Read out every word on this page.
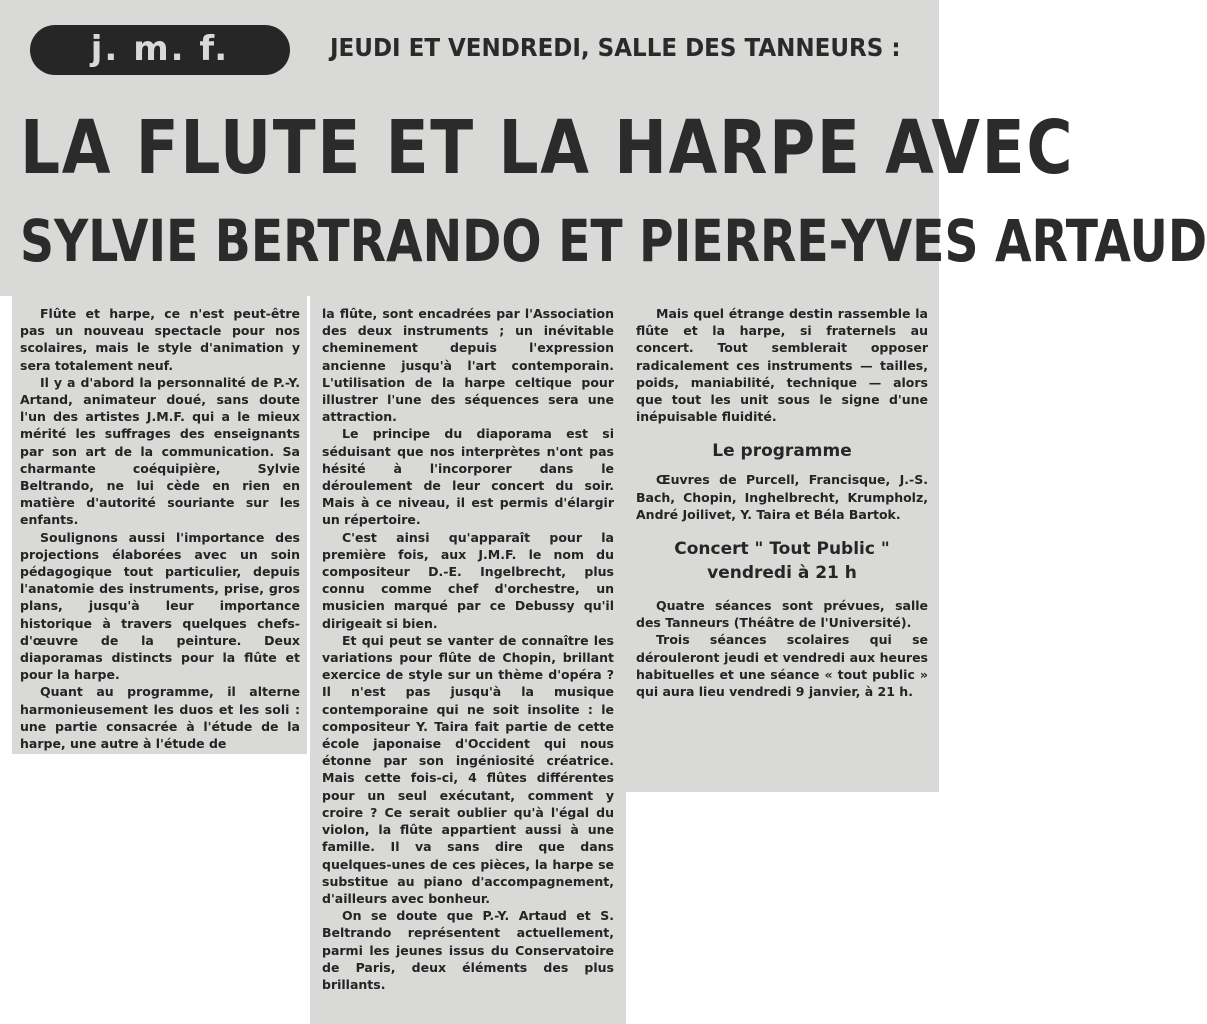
j. m. f.	JEUDI ET VENDREDI, SALLE DES TANNEURS :
LA FLUTE ET LA HARPE AVEC
SYLVIE BERTRANDO ET PIERRE-YVES ARTAUD

Flûte et harpe, ce n'est peut-être pas un nouveau spectacle pour nos scolaires, mais le style d'animation y sera totalement neuf.

Il y a d'abord la personnalité de P.-Y. Artand, animateur doué, sans doute l'un des artistes J.M.F. qui a le mieux mérité les suffrages des enseignants par son art de la communication. Sa charmante coéquipière, Sylvie Beltrando, ne lui cède en rien en matière d'autorité souriante sur les enfants.

Soulignons aussi l'importance des projections élaborées avec un soin pédagogique tout particulier, depuis l'anatomie des instruments, prise, gros plans, jusqu'à leur importance historique à travers quelques chefs-d'œuvre de la peinture. Deux diaporamas distincts pour la flûte et pour la harpe.

Quant au programme, il alterne harmonieusement les duos et les soli : une partie consacrée à l'étude de la harpe, une autre à l'étude de

la flûte, sont encadrées par l'Association des deux instruments ; un inévitable cheminement depuis l'expression ancienne jusqu'à l'art contemporain. L'utilisation de la harpe celtique pour illustrer l'une des séquences sera une attraction.

Le principe du diaporama est si séduisant que nos interprètes n'ont pas hésité à l'incorporer dans le déroulement de leur concert du soir. Mais à ce niveau, il est permis d'élargir un répertoire.

C'est ainsi qu'apparaît pour la première fois, aux J.M.F. le nom du compositeur D.-E. Ingelbrecht, plus connu comme chef d'orchestre, un musicien marqué par ce Debussy qu'il dirigeait si bien.

Et qui peut se vanter de connaître les variations pour flûte de Chopin, brillant exercice de style sur un thème d'opéra ? Il n'est pas jusqu'à la musique contemporaine qui ne soit insolite : le compositeur Y. Taira fait partie de cette école japonaise d'Occident qui nous étonne par son ingéniosité créatrice. Mais cette fois-ci, 4 flûtes différentes pour un seul exécutant, comment y croire ? Ce serait oublier qu'à l'égal du violon, la flûte appartient aussi à une famille. Il va sans dire que dans quelques-unes de ces pièces, la harpe se substitue au piano d'accompagnement, d'ailleurs avec bonheur.

On se doute que P.-Y. Artaud et S. Beltrando représentent actuellement, parmi les jeunes issus du Conservatoire de Paris, deux éléments des plus brillants.

Mais quel étrange destin rassemble la flûte et la harpe, si fraternels au concert. Tout semblerait opposer radicalement ces instruments — tailles, poids, maniabilité, technique — alors que tout les unit sous le signe d'une inépuisable fluidité.

Le programme

Œuvres de Purcell, Francisque, J.-S. Bach, Chopin, Inghelbrecht, Krumpholz, André Joilivet, Y. Taira et Béla Bartok.

Concert " Tout Public "
vendredi à 21 h

Quatre séances sont prévues, salle des Tanneurs (Théâtre de l'Université).

Trois séances scolaires qui se dérouleront jeudi et vendredi aux heures habituelles et une séance « tout public » qui aura lieu vendredi 9 janvier, à 21 h.
